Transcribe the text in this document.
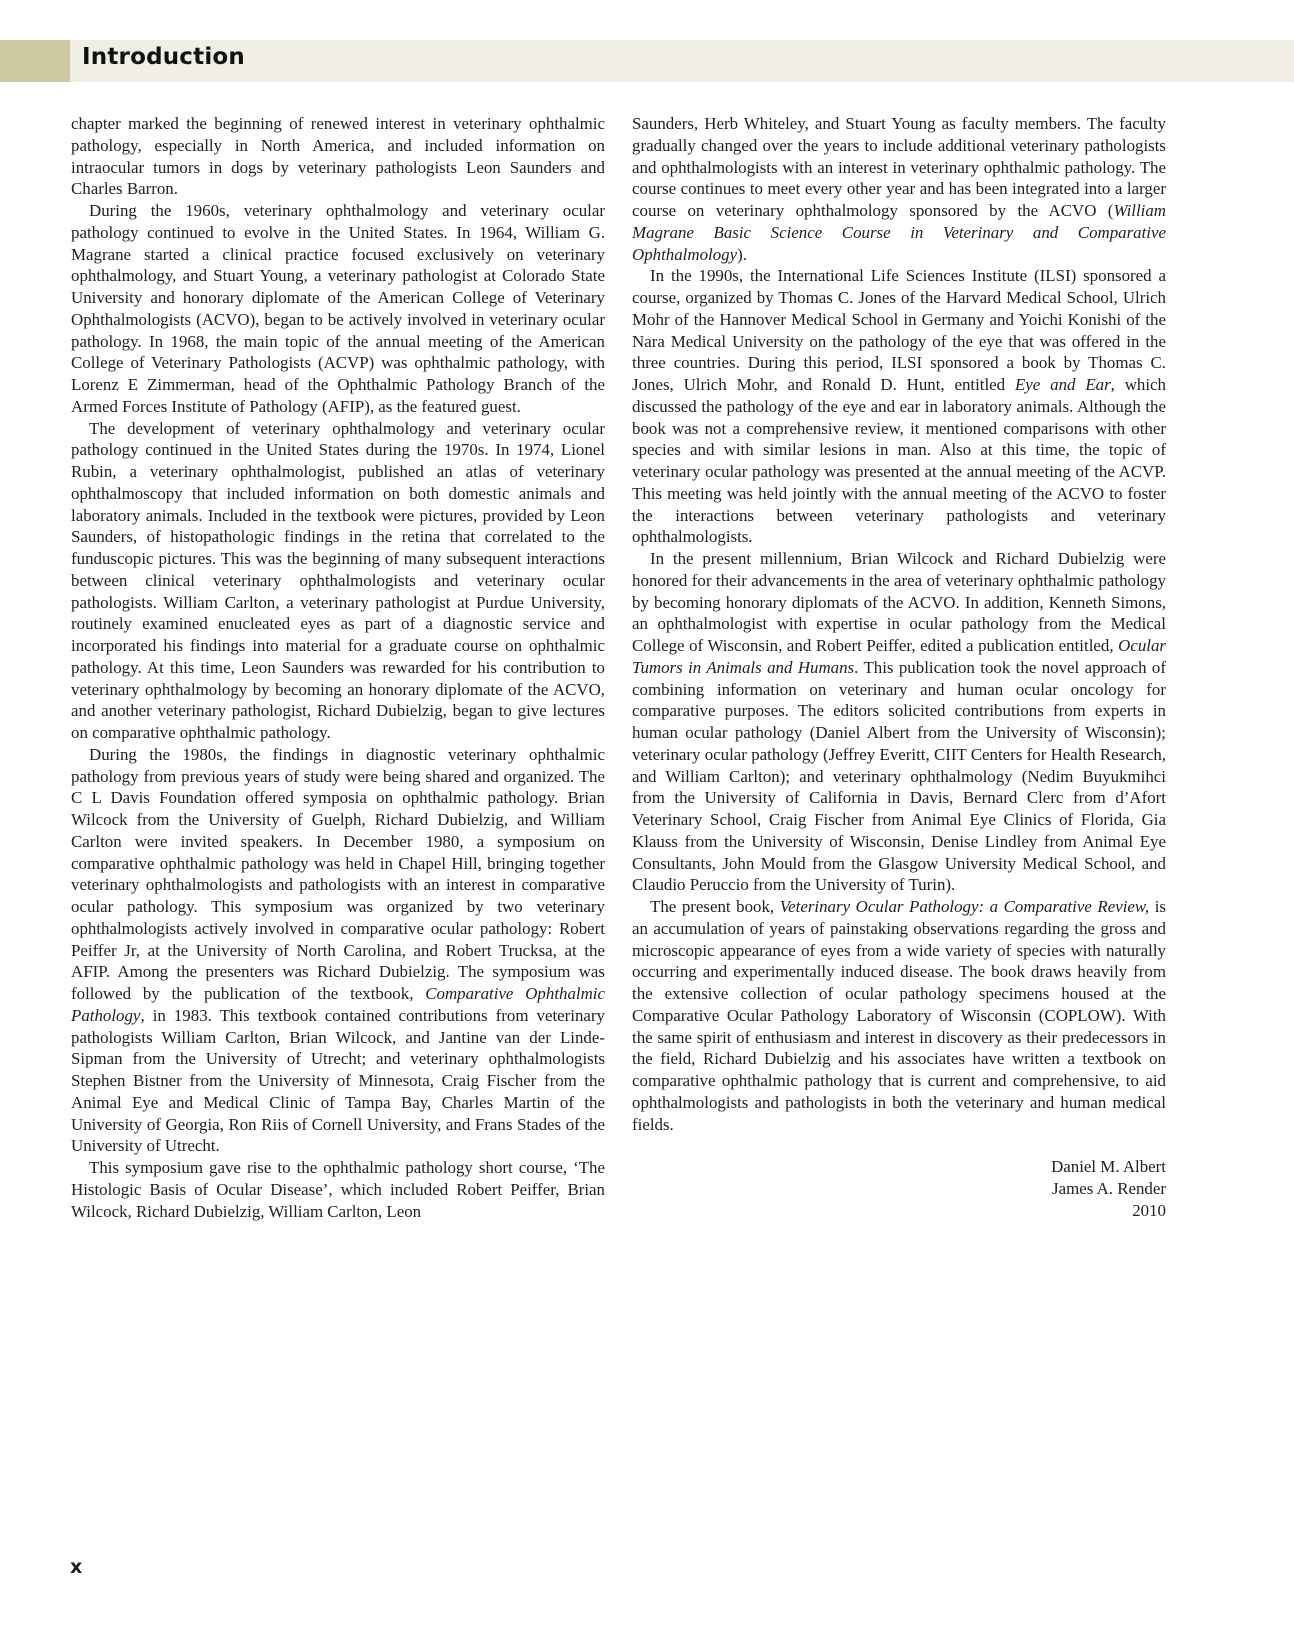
Introduction

chapter marked the beginning of renewed interest in veterinary ophthalmic pathology, especially in North America, and included information on intraocular tumors in dogs by veterinary pathologists Leon Saunders and Charles Barron.

During the 1960s, veterinary ophthalmology and veterinary ocular pathology continued to evolve in the United States. In 1964, William G. Magrane started a clinical practice focused exclusively on veterinary ophthalmology, and Stuart Young, a veterinary pathologist at Colorado State University and honorary diplomate of the American College of Veterinary Ophthalmologists (ACVO), began to be actively involved in veterinary ocular pathology. In 1968, the main topic of the annual meeting of the American College of Veterinary Pathologists (ACVP) was ophthalmic pathology, with Lorenz E Zimmerman, head of the Ophthalmic Pathology Branch of the Armed Forces Institute of Pathology (AFIP), as the featured guest.

The development of veterinary ophthalmology and veterinary ocular pathology continued in the United States during the 1970s. In 1974, Lionel Rubin, a veterinary ophthalmologist, published an atlas of veterinary ophthalmoscopy that included information on both domestic animals and laboratory animals. Included in the textbook were pictures, provided by Leon Saunders, of histopathologic findings in the retina that correlated to the funduscopic pictures. This was the beginning of many subsequent interactions between clinical veterinary ophthalmologists and veterinary ocular pathologists. William Carlton, a veterinary pathologist at Purdue University, routinely examined enucleated eyes as part of a diagnostic service and incorporated his findings into material for a graduate course on ophthalmic pathology. At this time, Leon Saunders was rewarded for his contribution to veterinary ophthalmology by becoming an honorary diplomate of the ACVO, and another veterinary pathologist, Richard Dubielzig, began to give lectures on comparative ophthalmic pathology.

During the 1980s, the findings in diagnostic veterinary ophthalmic pathology from previous years of study were being shared and organized. The C L Davis Foundation offered symposia on ophthalmic pathology. Brian Wilcock from the University of Guelph, Richard Dubielzig, and William Carlton were invited speakers. In December 1980, a symposium on comparative ophthalmic pathology was held in Chapel Hill, bringing together veterinary ophthalmologists and pathologists with an interest in comparative ocular pathology. This symposium was organized by two veterinary ophthalmologists actively involved in comparative ocular pathology: Robert Peiffer Jr, at the University of North Carolina, and Robert Trucksa, at the AFIP. Among the presenters was Richard Dubielzig. The symposium was followed by the publication of the textbook, Comparative Ophthalmic Pathology, in 1983. This textbook contained contributions from veterinary pathologists William Carlton, Brian Wilcock, and Jantine van der Linde-Sipman from the University of Utrecht; and veterinary ophthalmologists Stephen Bistner from the University of Minnesota, Craig Fischer from the Animal Eye and Medical Clinic of Tampa Bay, Charles Martin of the University of Georgia, Ron Riis of Cornell University, and Frans Stades of the University of Utrecht.

This symposium gave rise to the ophthalmic pathology short course, ‘The Histologic Basis of Ocular Disease’, which included Robert Peiffer, Brian Wilcock, Richard Dubielzig, William Carlton, Leon

Saunders, Herb Whiteley, and Stuart Young as faculty members. The faculty gradually changed over the years to include additional veterinary pathologists and ophthalmologists with an interest in veterinary ophthalmic pathology. The course continues to meet every other year and has been integrated into a larger course on veterinary ophthalmology sponsored by the ACVO (William Magrane Basic Science Course in Veterinary and Comparative Ophthalmology).

In the 1990s, the International Life Sciences Institute (ILSI) sponsored a course, organized by Thomas C. Jones of the Harvard Medical School, Ulrich Mohr of the Hannover Medical School in Germany and Yoichi Konishi of the Nara Medical University on the pathology of the eye that was offered in the three countries. During this period, ILSI sponsored a book by Thomas C. Jones, Ulrich Mohr, and Ronald D. Hunt, entitled Eye and Ear, which discussed the pathology of the eye and ear in laboratory animals. Although the book was not a comprehensive review, it mentioned comparisons with other species and with similar lesions in man. Also at this time, the topic of veterinary ocular pathology was presented at the annual meeting of the ACVP. This meeting was held jointly with the annual meeting of the ACVO to foster the interactions between veterinary pathologists and veterinary ophthalmologists.

In the present millennium, Brian Wilcock and Richard Dubielzig were honored for their advancements in the area of veterinary ophthalmic pathology by becoming honorary diplomats of the ACVO. In addition, Kenneth Simons, an ophthalmologist with expertise in ocular pathology from the Medical College of Wisconsin, and Robert Peiffer, edited a publication entitled, Ocular Tumors in Animals and Humans. This publication took the novel approach of combining information on veterinary and human ocular oncology for comparative purposes. The editors solicited contributions from experts in human ocular pathology (Daniel Albert from the University of Wisconsin); veterinary ocular pathology (Jeffrey Everitt, CIIT Centers for Health Research, and William Carlton); and veterinary ophthalmology (Nedim Buyukmihci from the University of California in Davis, Bernard Clerc from d’Afort Veterinary School, Craig Fischer from Animal Eye Clinics of Florida, Gia Klauss from the University of Wisconsin, Denise Lindley from Animal Eye Consultants, John Mould from the Glasgow University Medical School, and Claudio Peruccio from the University of Turin).

The present book, Veterinary Ocular Pathology: a Comparative Review, is an accumulation of years of painstaking observations regarding the gross and microscopic appearance of eyes from a wide variety of species with naturally occurring and experimentally induced disease. The book draws heavily from the extensive collection of ocular pathology specimens housed at the Comparative Ocular Pathology Laboratory of Wisconsin (COPLOW). With the same spirit of enthusiasm and interest in discovery as their predecessors in the field, Richard Dubielzig and his associates have written a textbook on comparative ophthalmic pathology that is current and comprehensive, to aid ophthalmologists and pathologists in both the veterinary and human medical fields.

Daniel M. Albert
James A. Render
2010
x
